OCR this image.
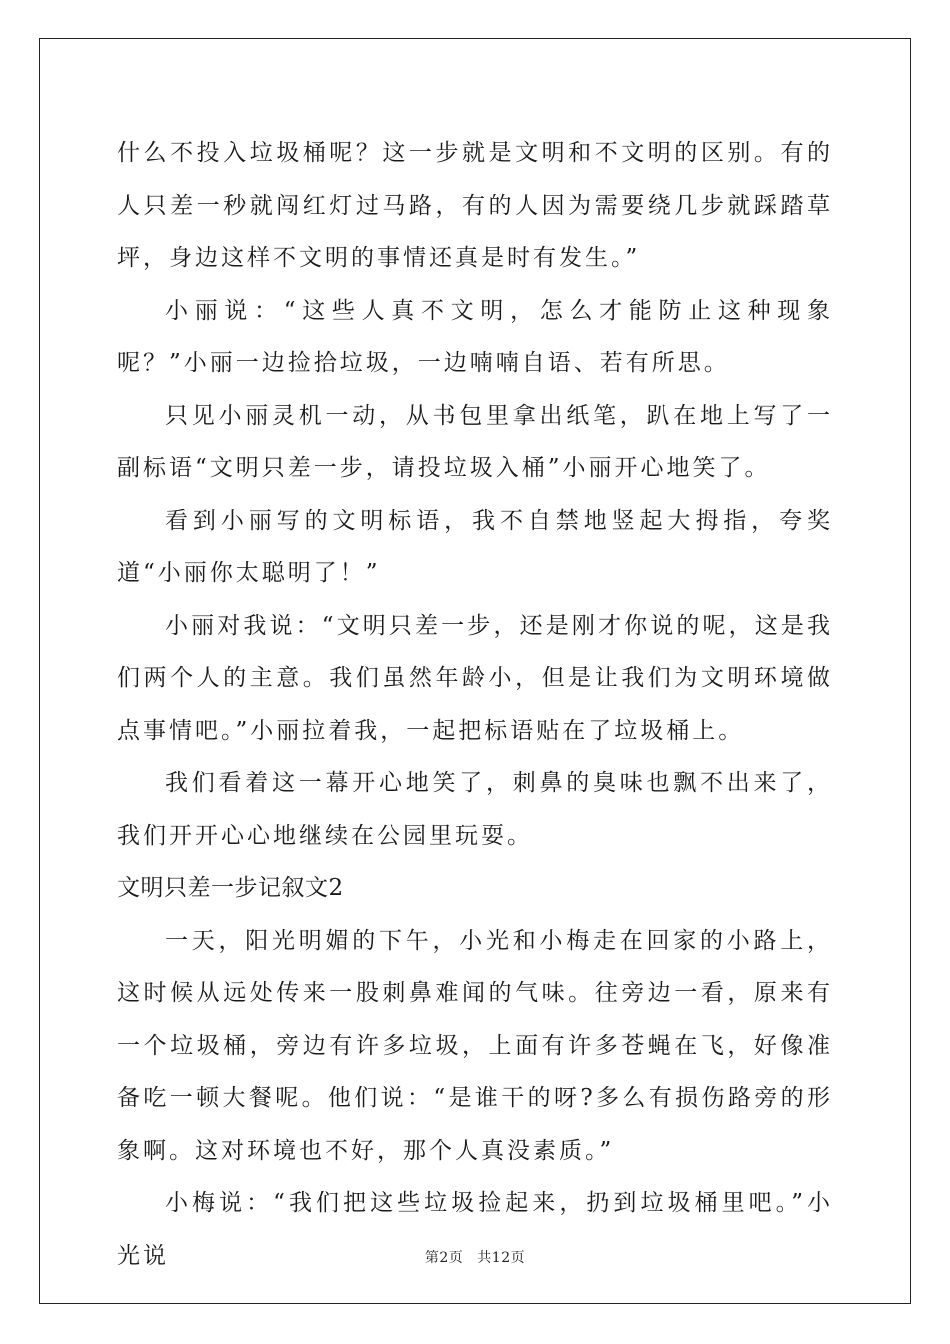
什么不投入垃圾桶呢？这一步就是文明和不文明的区别。有的人只差一秒就闯红灯过马路，有的人因为需要绕几步就踩踏草坪，身边这样不文明的事情还真是时有发生。”

小丽说：“这些人真不文明，怎么才能防止这种现象呢？”小丽一边捡拾垃圾，一边喃喃自语、若有所思。

只见小丽灵机一动，从书包里拿出纸笔，趴在地上写了一副标语“文明只差一步，请投垃圾入桶”小丽开心地笑了。

看到小丽写的文明标语，我不自禁地竖起大拇指，夸奖道“小丽你太聪明了！”

小丽对我说：“文明只差一步，还是刚才你说的呢，这是我们两个人的主意。我们虽然年龄小，但是让我们为文明环境做点事情吧。”小丽拉着我，一起把标语贴在了垃圾桶上。

我们看着这一幕开心地笑了，刺鼻的臭味也飘不出来了，我们开开心心地继续在公园里玩耍。

文明只差一步记叙文2

一天，阳光明媚的下午，小光和小梅走在回家的小路上，这时候从远处传来一股刺鼻难闻的气味。往旁边一看，原来有一个垃圾桶，旁边有许多垃圾，上面有许多苍蝇在飞，好像准备吃一顿大餐呢。他们说：“是谁干的呀?多么有损伤路旁的形象啊。这对环境也不好，那个人真没素质。”

小梅说：“我们把这些垃圾捡起来，扔到垃圾桶里吧。”小光说	第2页 共12页
